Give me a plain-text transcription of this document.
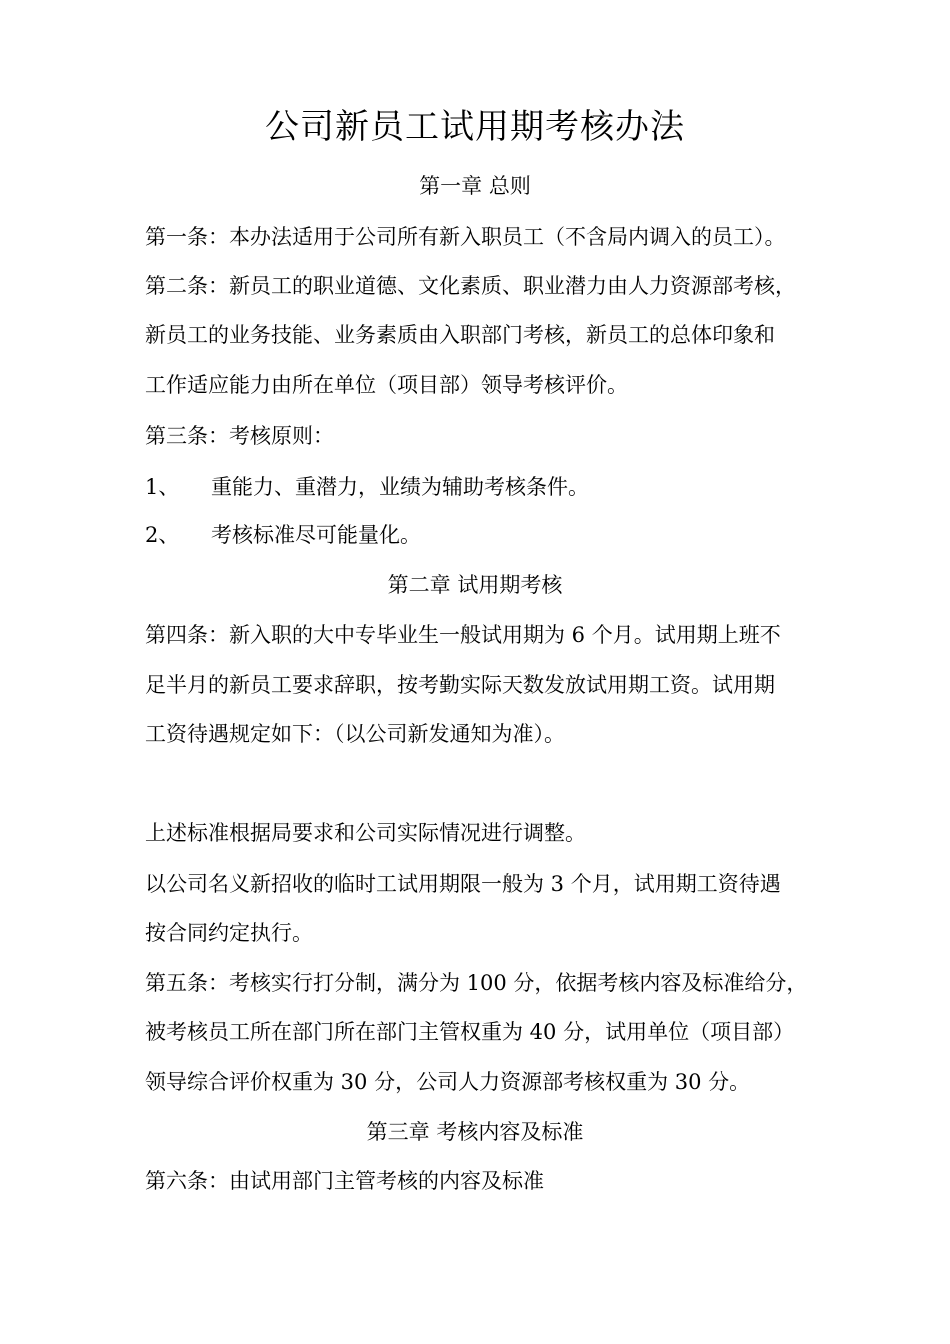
公司新员工试用期考核办法
第一章 总则
第一条：本办法适用于公司所有新入职员工（不含局内调入的员工）。
第二条：新员工的职业道德、文化素质、职业潜力由人力资源部考核，
新员工的业务技能、业务素质由入职部门考核，新员工的总体印象和
工作适应能力由所在单位（项目部）领导考核评价。
第三条：考核原则：
1、 重能力、重潜力，业绩为辅助考核条件。
2、 考核标准尽可能量化。
第二章 试用期考核
第四条：新入职的大中专毕业生一般试用期为 6 个月。试用期上班不
足半月的新员工要求辞职，按考勤实际天数发放试用期工资。试用期
工资待遇规定如下：（以公司新发通知为准）。
上述标准根据局要求和公司实际情况进行调整。
以公司名义新招收的临时工试用期限一般为 3 个月，试用期工资待遇
按合同约定执行。
第五条：考核实行打分制，满分为 100 分，依据考核内容及标准给分，
被考核员工所在部门所在部门主管权重为 40 分，试用单位（项目部）
领导综合评价权重为 30 分，公司人力资源部考核权重为 30 分。
第三章 考核内容及标准
第六条：由试用部门主管考核的内容及标准
